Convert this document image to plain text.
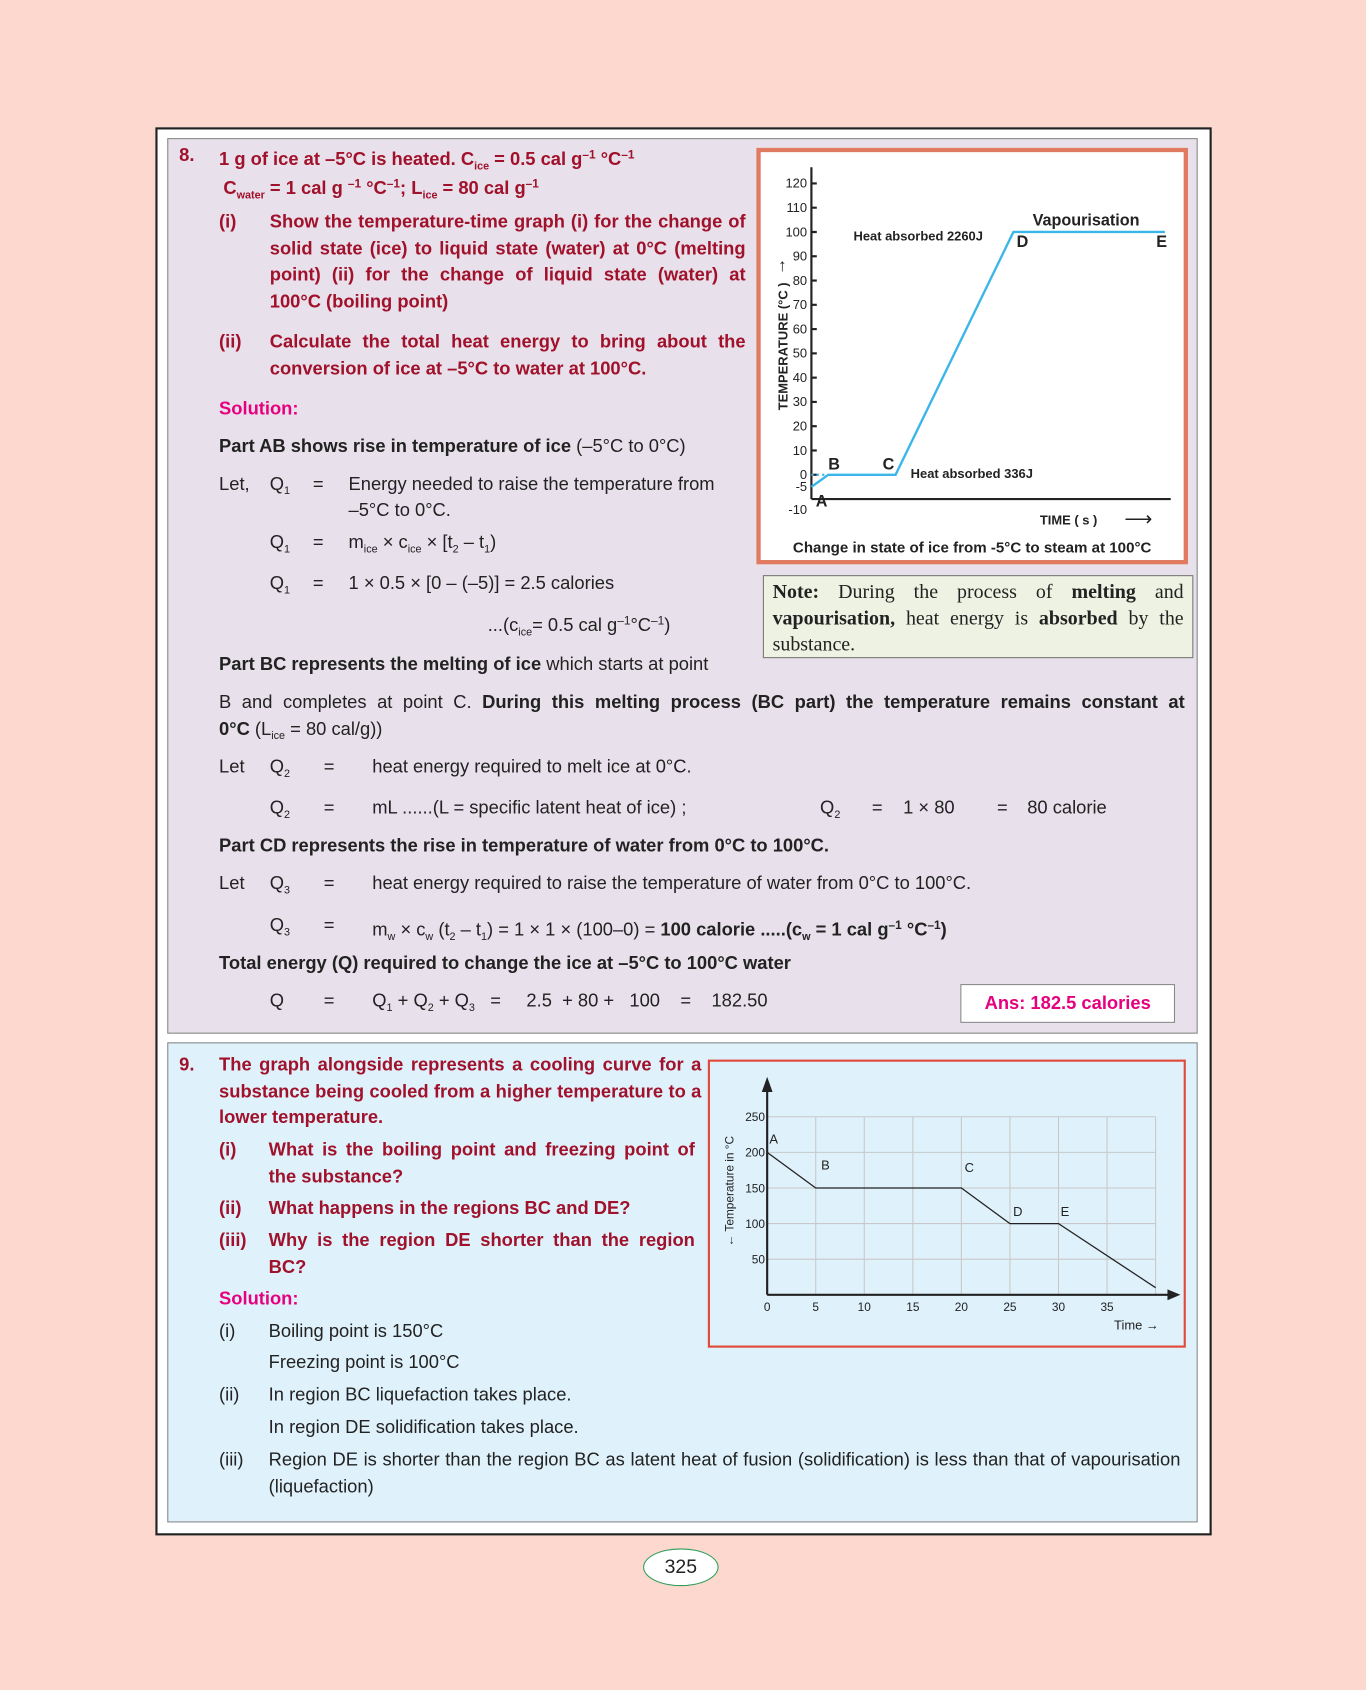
8. 1 g of ice at –5°C is heated. $C_{ice} = 0.5$ cal $g^{-1}$ $^\circ C^{-1}$
$C_{water} = 1$ cal g $^{-1}$ $^\circ C^{-1}$; $L_{ice} = 80$ cal $g^{-1}$
(i) Show the temperature-time graph (i) for the change of solid state (ice) to liquid state (water) at 0°C (melting point) (ii) for the change of liquid state (water) at 100°C (boiling point)
(ii) Calculate the total heat energy to bring about the conversion of ice at –5°C to water at 100°C.
Solution:
Part AB shows rise in temperature of ice (–5°C to 0°C)
Let, $Q_1$ = Energy needed to raise the temperature from
–5°C to 0°C.
$Q_1 = m_{ice} \times c_{ice} \times [t_2 - t_1)$
$Q_1 = 1 \times 0.5 \times [0 - (-5)] = 2.5$ calories
$...(c_{ice}= 0.5$ cal $g^{-1}^\circ C^{-1}$)
Part BC represents the melting of ice which starts at point
B and completes at point C. During this melting process (BC part) the temperature remains constant at
0°C ($L_{ice} = 80$ cal/g))
Let $Q_2$ = heat energy required to melt ice at 0°C.
$Q_2$ = mL ......(L = specific latent heat of ice) ;	$Q_2 = 1 \times 80 = 80$ calorie
Part CD represents the rise in temperature of water from 0°C to 100°C.
Let $Q_3$ = heat energy required to raise the temperature of water from 0°C to 100°C.
$Q_3 = m_w \times c_w$ $(t_2 - t_1) = 1 \times 1 \times (100-0) = 100$ calorie $.....(c_w = 1$ cal $g^{-1}$ $^\circ C^{-1}$)
Total energy (Q) required to change the ice at –5°C to 100°C water
$Q = Q_1 + Q_2 + Q_3$   =     2.5  + 80 +   100    =    182.50	Ans: 182.5 calories
Note: During the process of melting and vapourisation, heat energy is absorbed by the substance.
Vapourisation
Heat absorbed 2260J
Heat absorbed 336J
TEMPERATURE (°C )
↑
TIME ( s ) ⟶
Change in state of ice from -5°C to steam at 100°C
-10
-5
0
10
20
30
40
50
60
70
80
90
100
110
120
A
B	C
D	E
9. The graph alongside represents a cooling curve for a substance being cooled from a higher temperature to a lower temperature.
(i) What is the boiling point and freezing point of the substance?
(ii) What happens in the regions BC and DE?
(iii) Why is the region DE shorter than the region BC?
Solution:
(i) Boiling point is 150°C
Freezing point is 100°C
(ii) In region BC liquefaction takes place.
In region DE solidification takes place.
(iii) Region DE is shorter than the region BC as latent heat of fusion (solidification) is less than that of vapourisation (liquefaction)
← Temperature in °C
Time →
0	5	10	15	20	25	30	35
50
100
150
200
250
A
B	C
D	E
325
